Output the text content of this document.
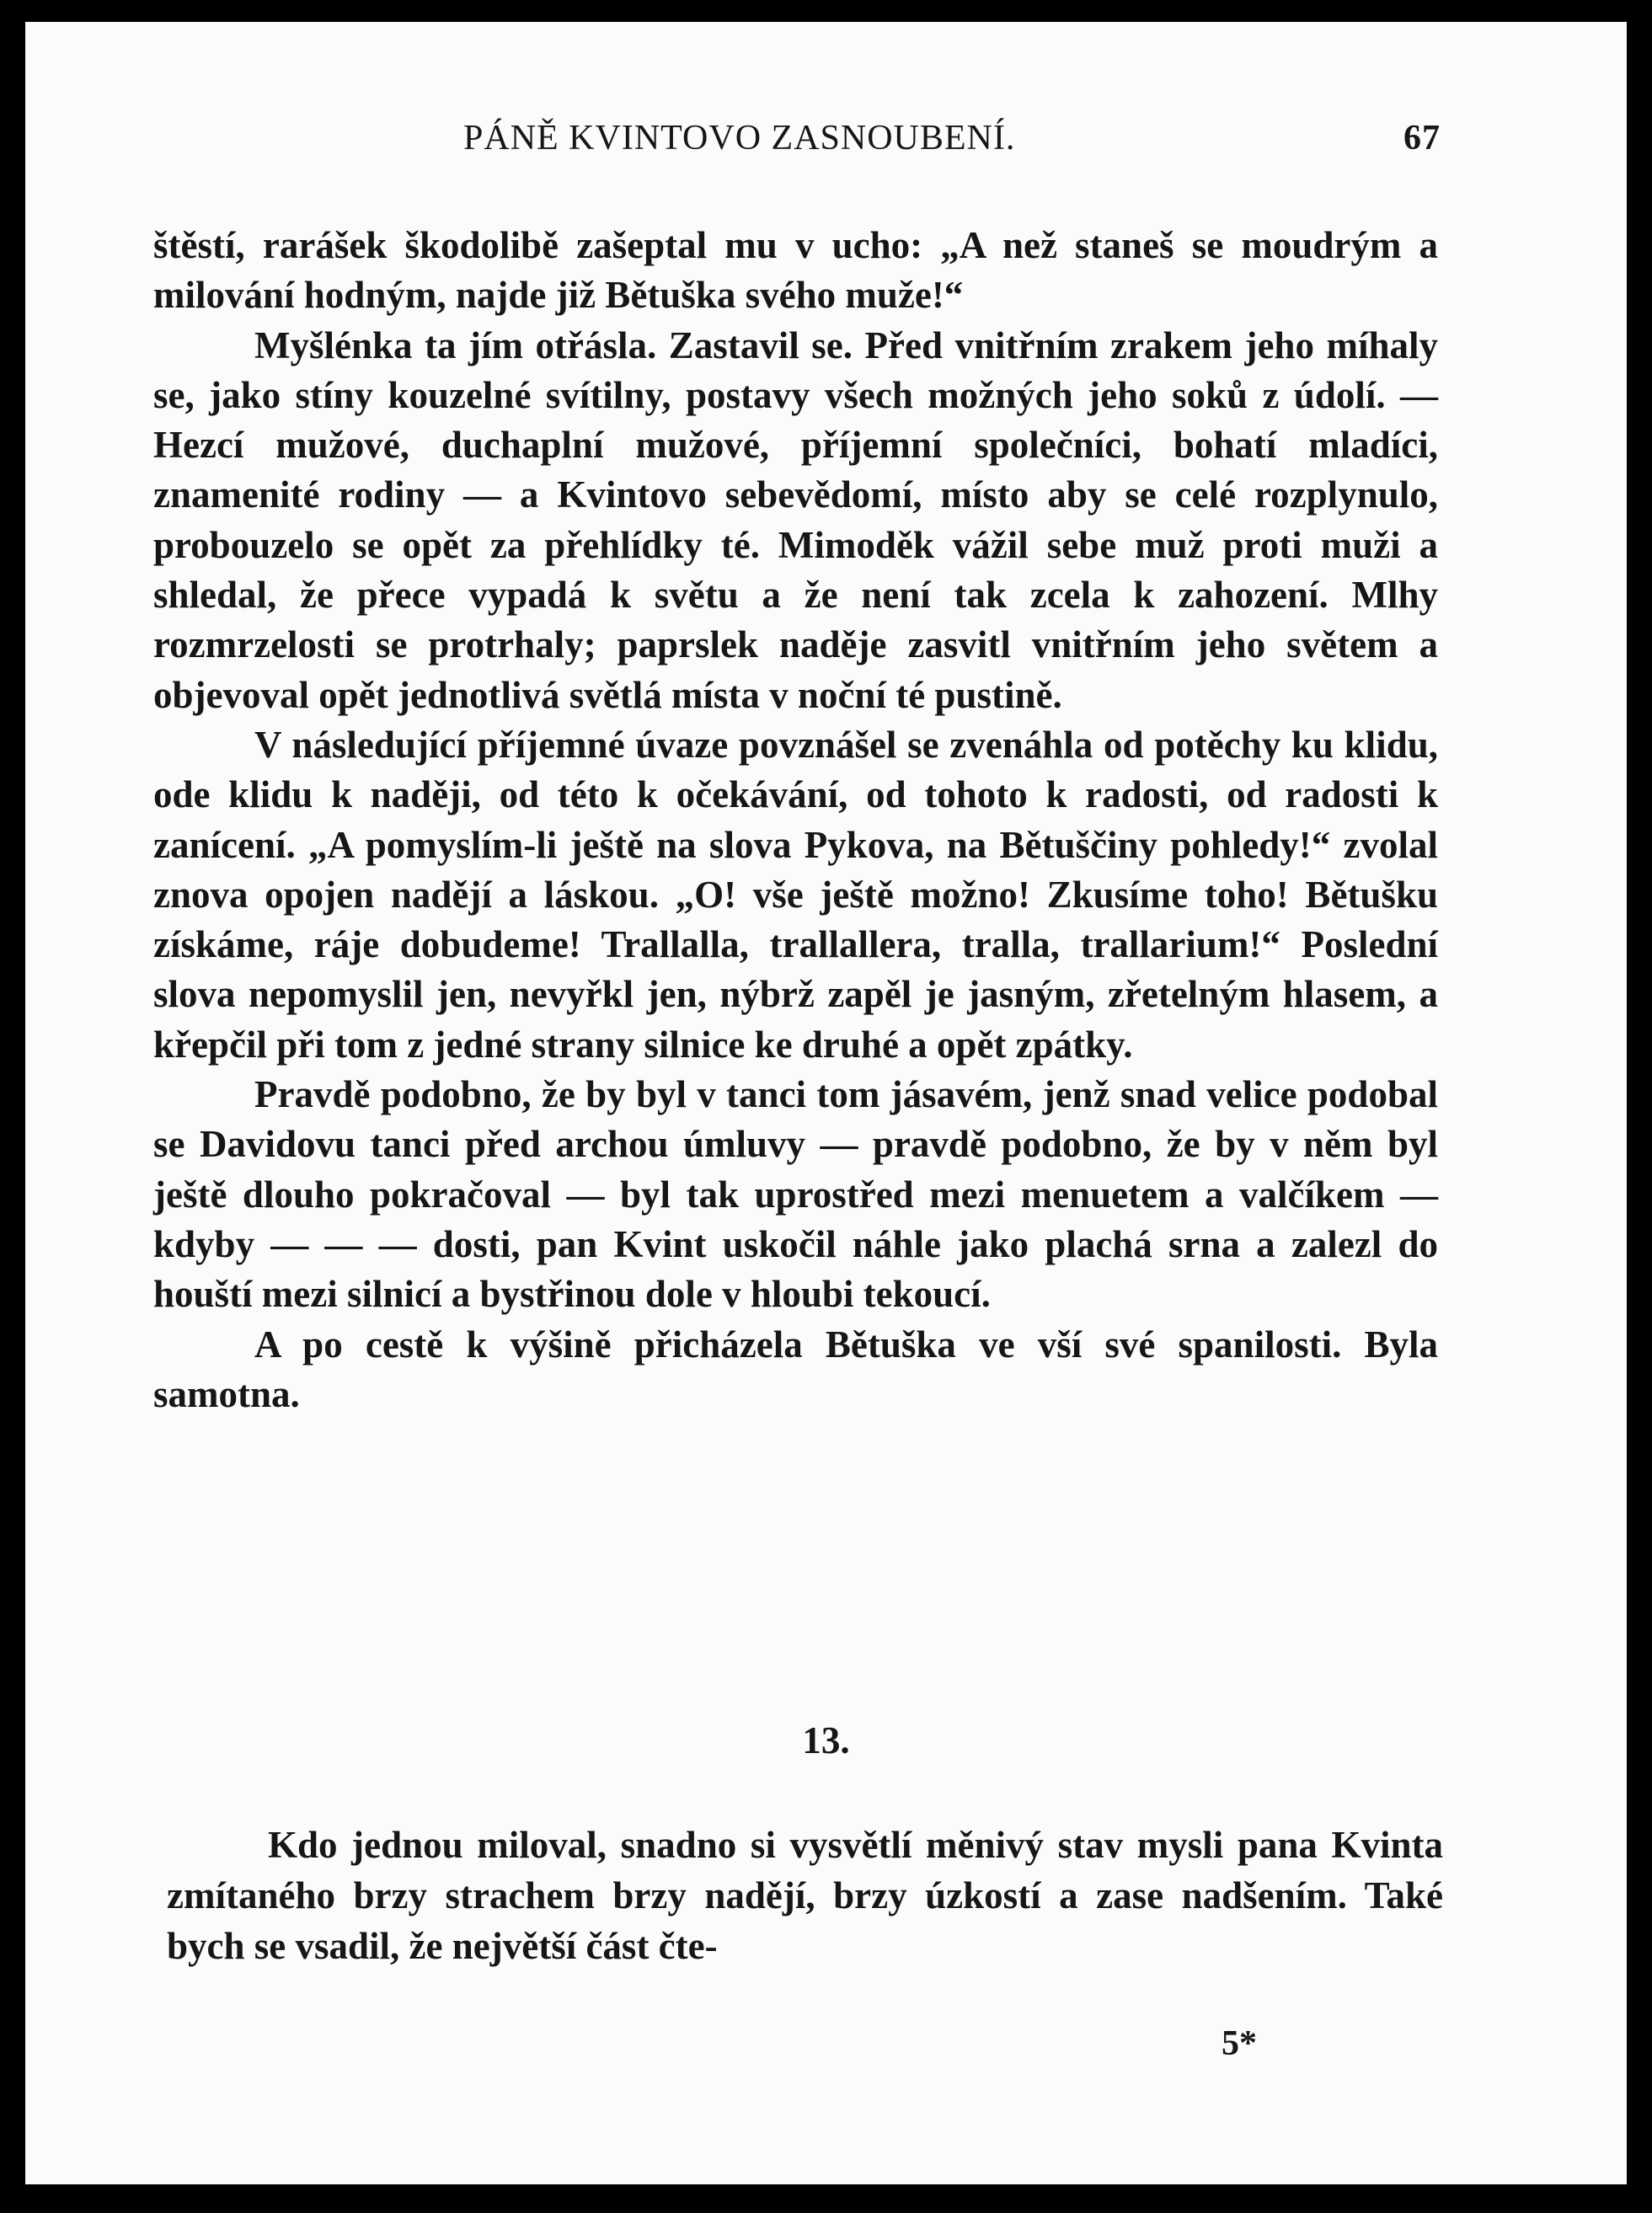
PÁNĚ KVINTOVO ZASNOUBENÍ.	67

štěstí, rarášek škodolibě zašeptal mu v ucho: „A než staneš se moudrým a milování hodným, najde již Bětuška svého muže!“

Myšlénka ta jím otřásla. Zastavil se. Před vnitřním zrakem jeho míhaly se, jako stíny kouzelné svítilny, postavy všech možných jeho soků z údolí. — Hezcí mužové, duchaplní mužové, příjemní společníci, bohatí mladíci, znamenité rodiny — a Kvintovo sebevědomí, místo aby se celé rozplynulo, probouzelo se opět za přehlídky té. Mimoděk vážil sebe muž proti muži a shledal, že přece vypadá k světu a že není tak zcela k zahození. Mlhy rozmrzelosti se protrhaly; paprslek naděje zasvitl vnitřním jeho světem a objevoval opět jednotlivá světlá místa v noční té pustině.

V následující příjemné úvaze povznášel se zvenáhla od potěchy ku klidu, ode klidu k naději, od této k očekávání, od tohoto k radosti, od radosti k zanícení. „A pomyslím-li ještě na slova Pykova, na Bětuščiny pohledy!“ zvolal znova opojen nadějí a láskou. „O! vše ještě možno! Zkusíme toho! Bětušku získáme, ráje dobudeme! Trallalla, trallallera, tralla, trallarium!“ Poslední slova nepomyslil jen, nevyřkl jen, nýbrž zapěl je jasným, zřetelným hlasem, a křepčil při tom z jedné strany silnice ke druhé a opět zpátky.

Pravdě podobno, že by byl v tanci tom jásavém, jenž snad velice podobal se Davidovu tanci před archou úmluvy — pravdě podobno, že by v něm byl ještě dlouho pokračoval — byl tak uprostřed mezi menuetem a valčíkem — kdyby — — — dosti, pan Kvint uskočil náhle jako plachá srna a zalezl do houští mezi silnicí a bystřinou dole v hloubi tekoucí.

A po cestě k výšině přicházela Bětuška ve vší své spanilosti. Byla samotna.

13.

Kdo jednou miloval, snadno si vysvětlí měnivý stav mysli pana Kvinta zmítaného brzy strachem brzy nadějí, brzy úzkostí a zase nadšením. Také bych se vsadil, že největší část čte-

5*
